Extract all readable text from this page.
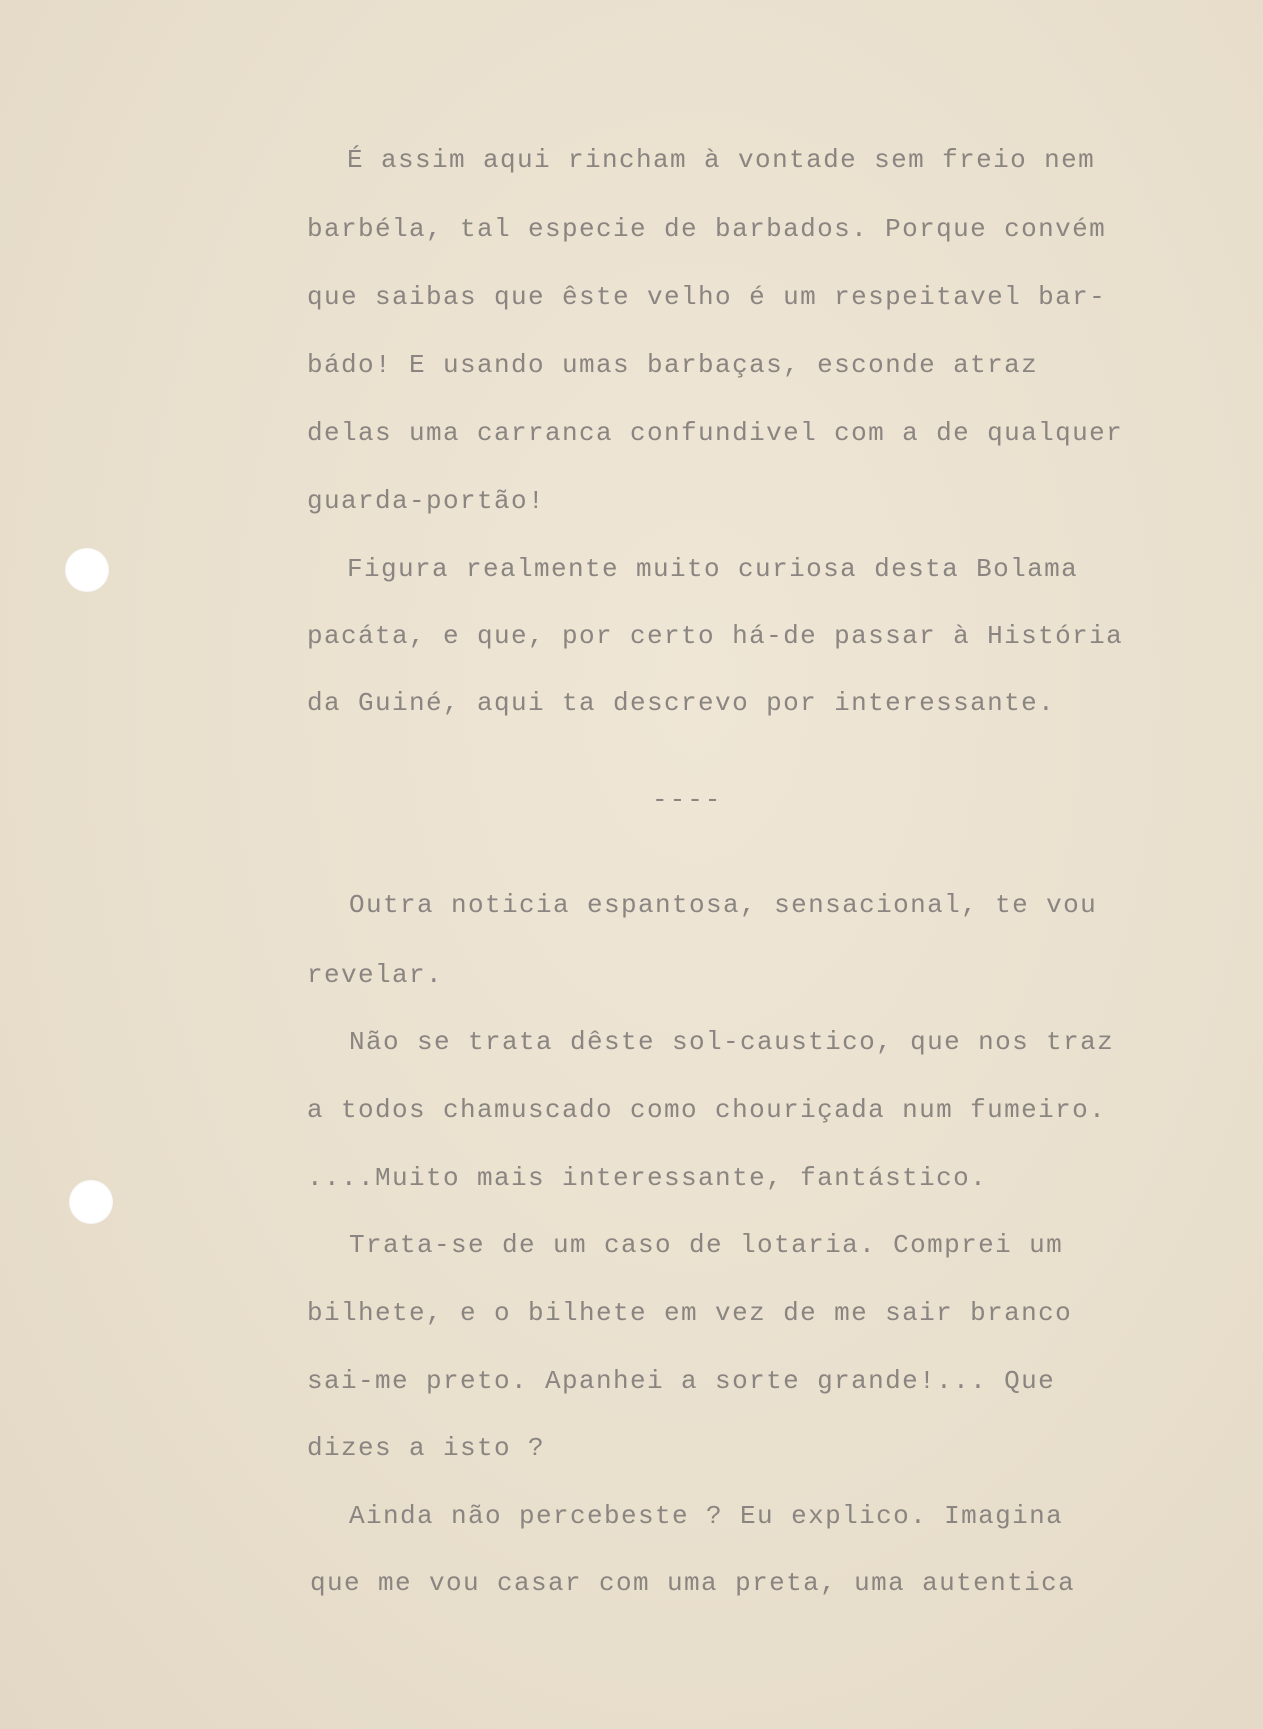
É assim aqui rincham à vontade sem freio nem

barbéla, tal especie de barbados. Porque convém

que saibas que êste velho é um respeitavel bar-

bádo! E usando umas barbaças, esconde atraz

delas uma carranca confundivel com a de qualquer

guarda-portão!

Figura realmente muito curiosa desta Bolama

pacáta, e que, por certo há-de passar à História

da Guiné, aqui ta descrevo por interessante.

----

Outra noticia espantosa, sensacional, te vou

revelar.

Não se trata dêste sol-caustico, que nos traz

a todos chamuscado como chouriçada num fumeiro.

....Muito mais interessante, fantástico.

Trata-se de um caso de lotaria. Comprei um

bilhete, e o bilhete em vez de me sair branco

sai-me preto. Apanhei a sorte grande!... Que

dizes a isto ?

Ainda não percebeste ? Eu explico. Imagina

que me vou casar com uma preta, uma autentica
